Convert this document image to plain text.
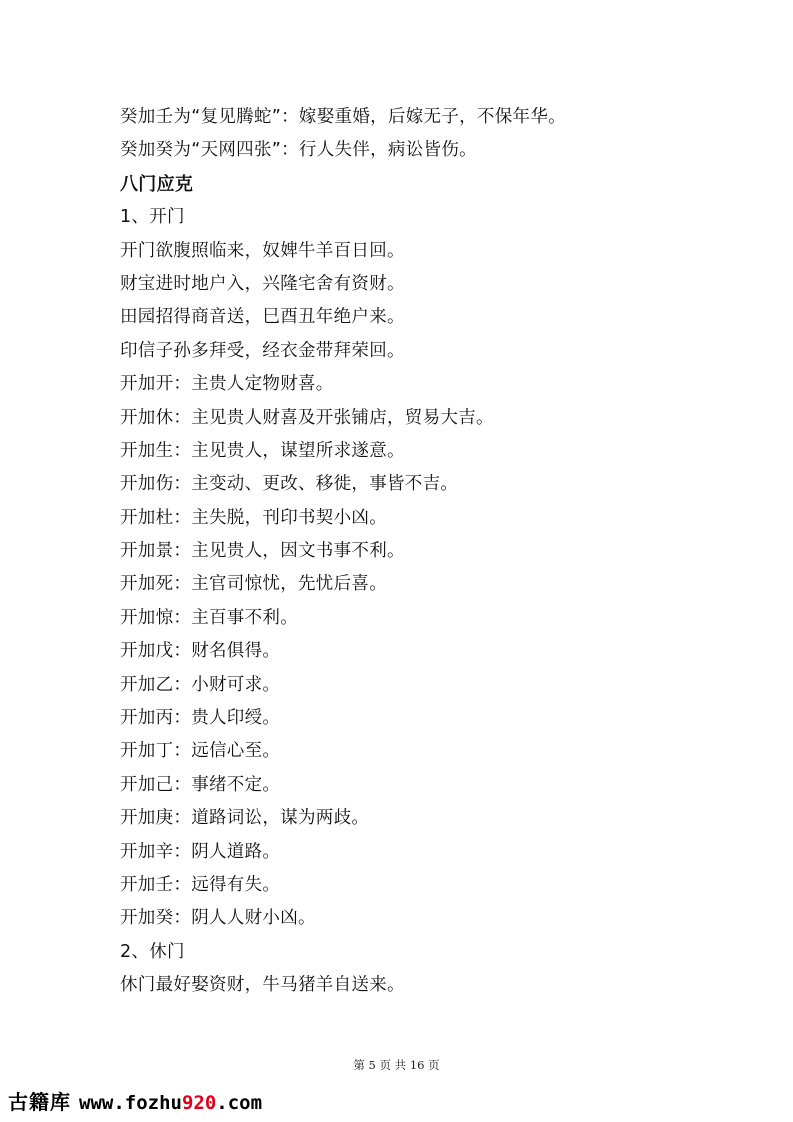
癸加壬为“复见腾蛇”：嫁娶重婚，后嫁无子，不保年华。
癸加癸为“天网四张”：行人失伴，病讼皆伤。
八门应克
1、开门
开门欲腹照临来，奴婢牛羊百日回。
财宝进时地户入，兴隆宅舍有资财。
田园招得商音送，巳酉丑年绝户来。
印信子孙多拜受，经衣金带拜荣回。
开加开：主贵人定物财喜。
开加休：主见贵人财喜及开张铺店，贸易大吉。
开加生：主见贵人，谋望所求遂意。
开加伤：主变动、更改、移徙，事皆不吉。
开加杜：主失脱，刊印书契小凶。
开加景：主见贵人，因文书事不利。
开加死：主官司惊忧，先忧后喜。
开加惊：主百事不利。
开加戊：财名俱得。
开加乙：小财可求。
开加丙：贵人印绶。
开加丁：远信心至。
开加己：事绪不定。
开加庚：道路词讼，谋为两歧。
开加辛：阴人道路。
开加壬：远得有失。
开加癸：阴人人财小凶。
2、休门
休门最好娶资财，牛马猪羊自送来。
第 5 页 共 16 页
古籍库 www.fozhu920.com
